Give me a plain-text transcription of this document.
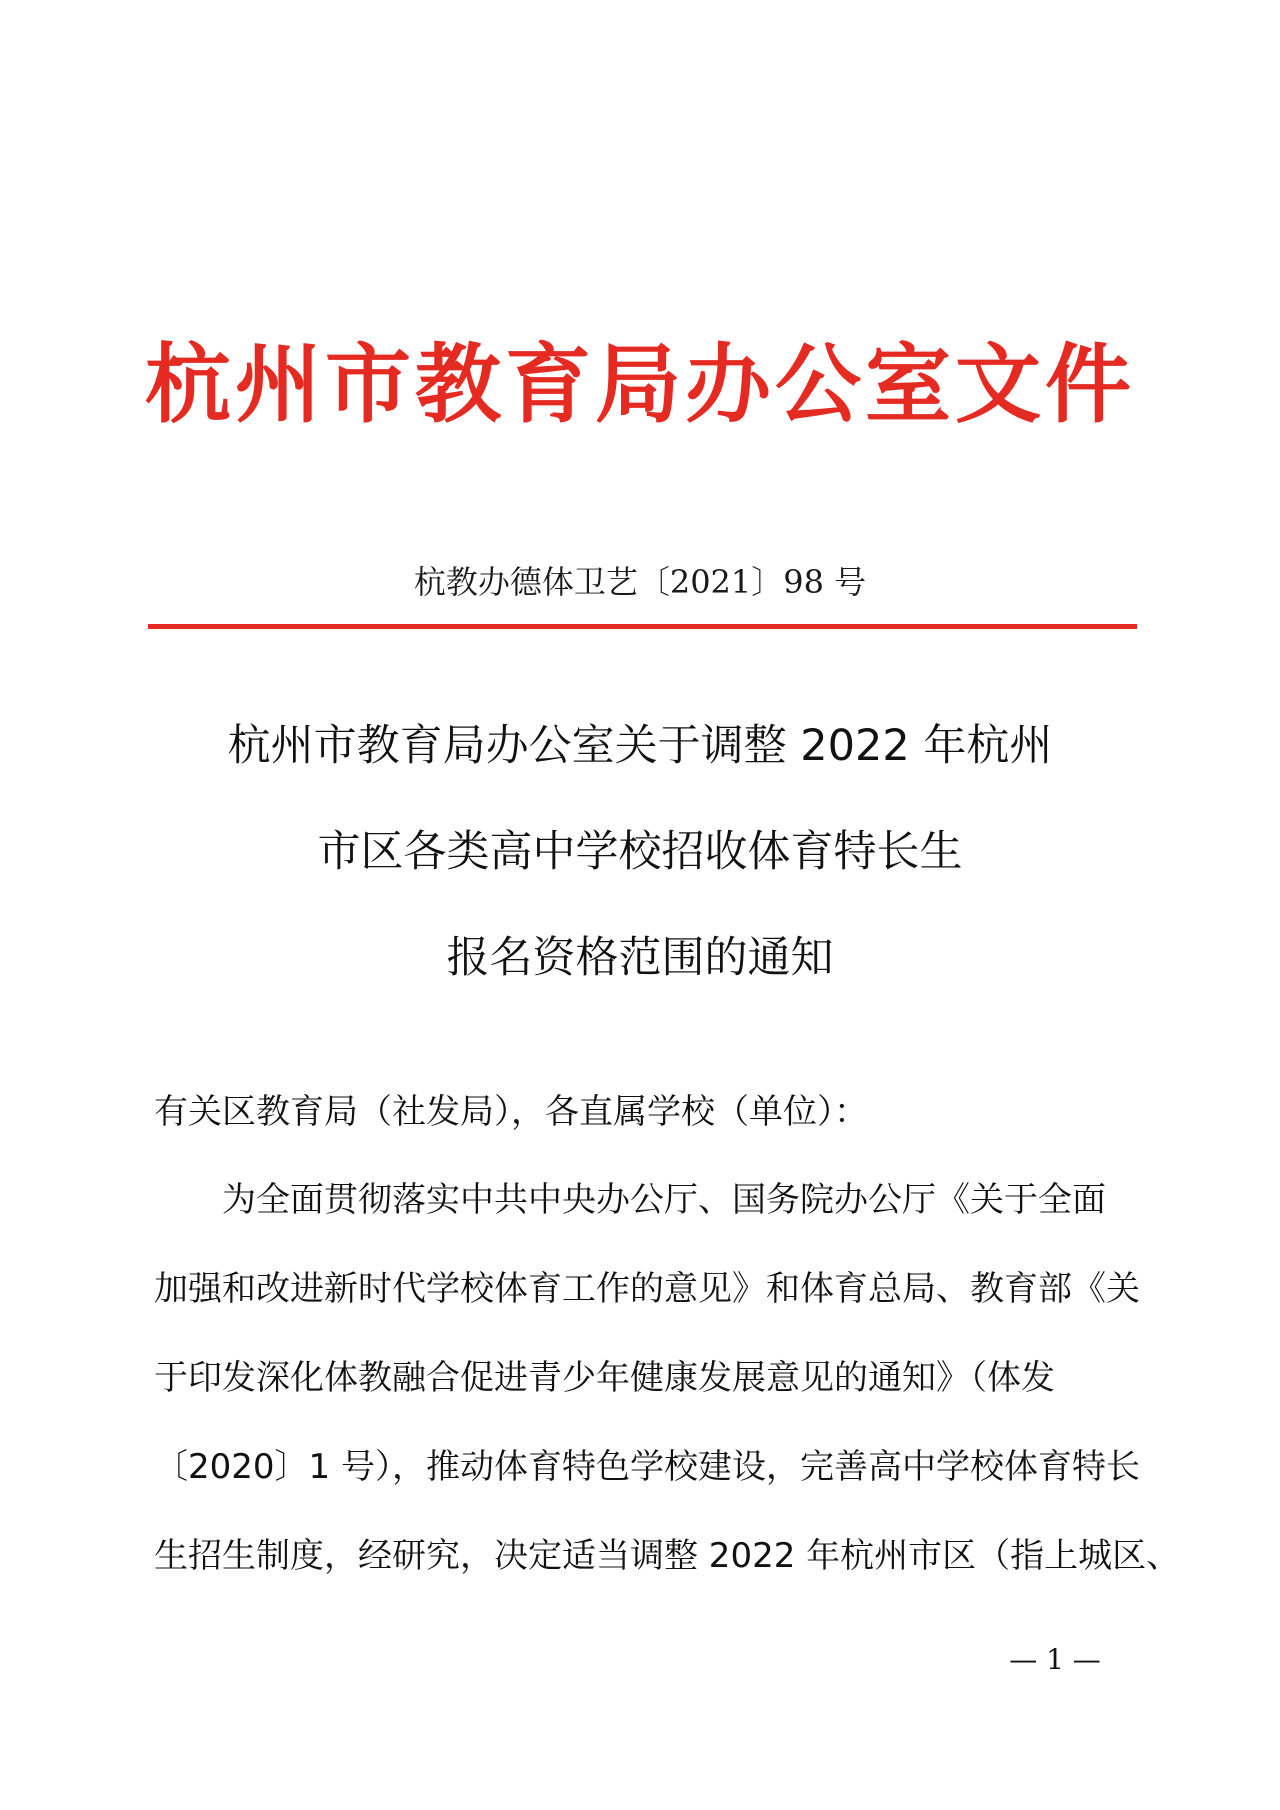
杭州市教育局办公室文件
杭教办德体卫艺〔2021〕98 号
杭州市教育局办公室关于调整 2022 年杭州
市区各类高中学校招收体育特长生
报名资格范围的通知
有关区教育局（社发局），各直属学校（单位）：
为全面贯彻落实中共中央办公厅、国务院办公厅《关于全面
加强和改进新时代学校体育工作的意见》和体育总局、教育部《关
于印发深化体教融合促进青少年健康发展意见的通知》（体发
〔2020〕1 号），推动体育特色学校建设，完善高中学校体育特长
生招生制度，经研究，决定适当调整 2022 年杭州市区（指上城区、
— 1 —
